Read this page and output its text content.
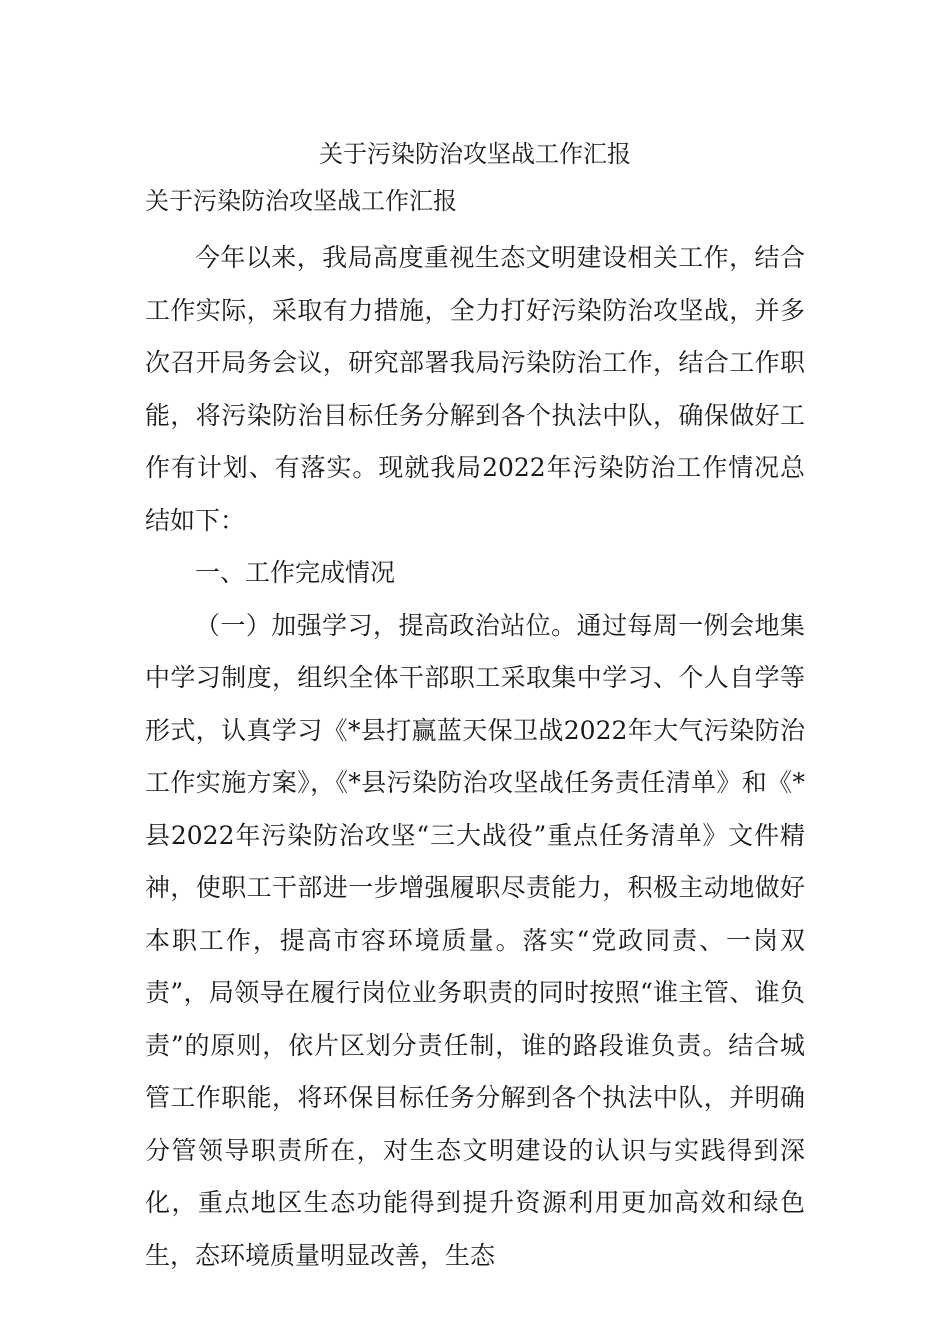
关于污染防治攻坚战工作汇报
关于污染防治攻坚战工作汇报

今年以来，我局高度重视生态文明建设相关工作，结合工作实际，采取有力措施，全力打好污染防治攻坚战，并多次召开局务会议，研究部署我局污染防治工作，结合工作职能，将污染防治目标任务分解到各个执法中队，确保做好工作有计划、有落实。现就我局2022年污染防治工作情况总结如下：

一、工作完成情况

（一）加强学习，提高政治站位。通过每周一例会地集中学习制度，组织全体干部职工采取集中学习、个人自学等形式，认真学习《*县打赢蓝天保卫战2022年大气污染防治工作实施方案》，《*县污染防治攻坚战任务责任清单》和《*县2022年污染防治攻坚“三大战役”重点任务清单》文件精神，使职工干部进一步增强履职尽责能力，积极主动地做好本职工作，提高市容环境质量。落实“党政同责、一岗双责”，局领导在履行岗位业务职责的同时按照“谁主管、谁负责”的原则，依片区划分责任制，谁的路段谁负责。结合城管工作职能，将环保目标任务分解到各个执法中队，并明确分管领导职责所在，对生态文明建设的认识与实践得到深化，重点地区生态功能得到提升资源利用更加高效和绿色生，态环境质量明显改善，生态
